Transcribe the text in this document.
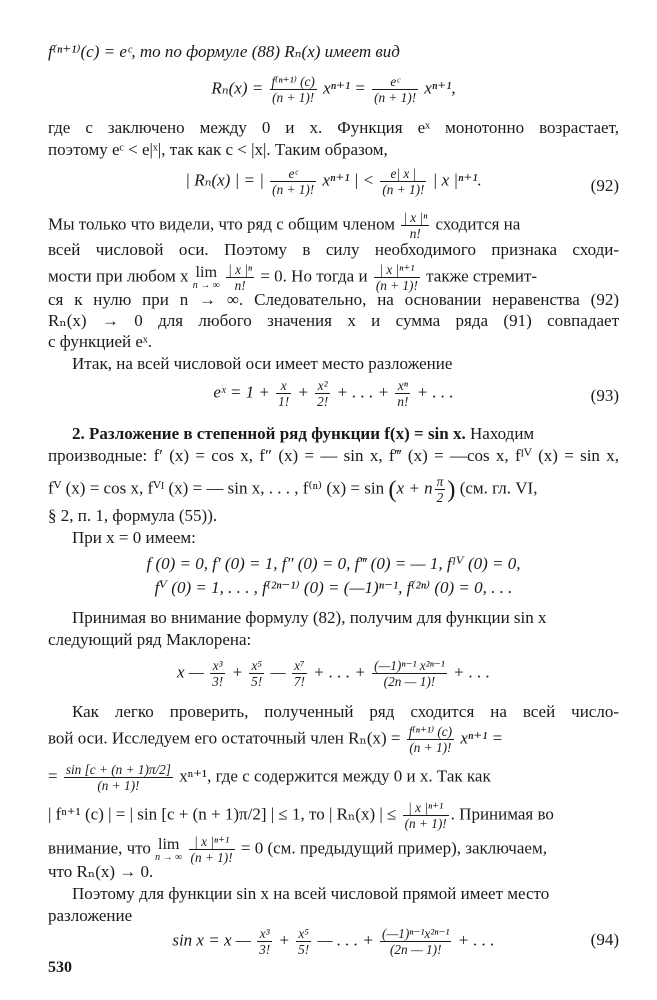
f⁽ⁿ⁺¹⁾(c) = eᶜ, то по формуле (88) Rₙ(x) имеет вид
$R_n(x) = \frac{\text{f⁽ⁿ⁺¹⁾ (c)}}{(n + 1)!} x^{n+1} = \frac{\text{eᶜ}}{(n + 1)!} x^{n+1}$,
где c заключено между 0 и x. Функция eˣ монотонно возрастает,
поэтому eᶜ < e|ˣ|, так как c < |x|. Таким образом,
| Rₙ(x) | = | $\frac{\text{eᶜ}}{(n + 1)!} x^{n+1}$ | < $\frac{e| x |}{(n + 1)!}$ | x |ⁿ⁺¹.	(92)
Мы только что видели, что ряд с общим членом $\frac{\text{| x |ⁿ}}{n!}$ сходится на
всей числовой оси. Поэтому в силу необходимого признака сходи-
мости при любом x lim
n → ∞
$\frac{\text{| x |ⁿ}}{n!} = 0$. Но тогда и $\frac{\text{| x |ⁿ⁺¹}}{(n + 1)!}$ также стремит-
ся к нулю при n → ∞. Следовательно, на основании неравенства (92)
Rₙ(x) → 0 для любого значения x и сумма ряда (91) совпадает
с функцией eˣ.
Итак, на всей числовой оси имеет место разложение
eˣ = $1 + \frac{x}{1!} + \frac{\text{x²}}{2!}$ + . . . + $\frac{\text{xⁿ}}{n!}$ + . . .	(93)
2. Разложение в степенной ряд функции f(x) = sin x. Находим
производные: f′ (x) = cos x, f″ (x) = — sin x, f‴ (x) = —cos x, fᴵⱽ (x) = sin x,
fⱽ (x) = cos x, fⱽᴵ (x) = — sin x, . . . , f⁽ⁿ⁾ (x) = sin (x + n $\frac{\pi}{2}$ ) (см. гл. VI,
§ 2, п. 1, формула (55)).
При x = 0 имеем:
f (0) = 0, f′ (0) = 1, f″ (0) = 0, f‴ (0) = — 1, fᴵⱽ (0) = 0,
fⱽ (0) = 1, . . . , f⁽²ⁿ⁻¹⁾ (0) = (—1)ⁿ⁻¹, f⁽²ⁿ⁾ (0) = 0, . . .
Принимая во внимание формулу (82), получим для функции sin x
следующий ряд Маклорена:
x — $\frac{\text{x³}}{3!} + \frac{\text{x⁵}}{5!}$ — $\frac{\text{x⁷}}{7!}$ + . . . + $\frac{\text{(—1)ⁿ⁻¹ x²ⁿ⁻¹}}{(2n — 1)!}$ + . . .
Как легко проверить, полученный ряд сходится на всей число-
вой оси. Исследуем его остаточный член $R_n(x) = \frac{\text{f⁽ⁿ⁺¹⁾ (c)}}{(n + 1)!} x^{n+1}$ =
= $\frac{\sin [c + (n + 1)\pi/2]}{(n + 1)!} x^{n+1}$, где c содержится между 0 и x. Так как
| fⁿ⁺¹ (c) | = | sin [c + (n + 1)π/2] | ≤ 1, то | Rₙ(x) | ≤ $\frac{\text{| x |ⁿ⁺¹}}{(n + 1)!}$ . Принимая во
внимание, что lim
n → ∞
$\frac{\text{| x |ⁿ⁺¹}}{(n + 1)!} = 0$ (см. предыдущий пример), заключаем,
что Rₙ(x) → 0.
Поэтому для функции sin x на всей числовой прямой имеет место
разложение
sin x = x — $\frac{\text{x³}}{3!} + \frac{\text{x⁵}}{5!}$ — . . . + $\frac{\text{(—1)ⁿ⁻¹x²ⁿ⁻¹}}{(2n — 1)!}$ + . . .	(94)
530
